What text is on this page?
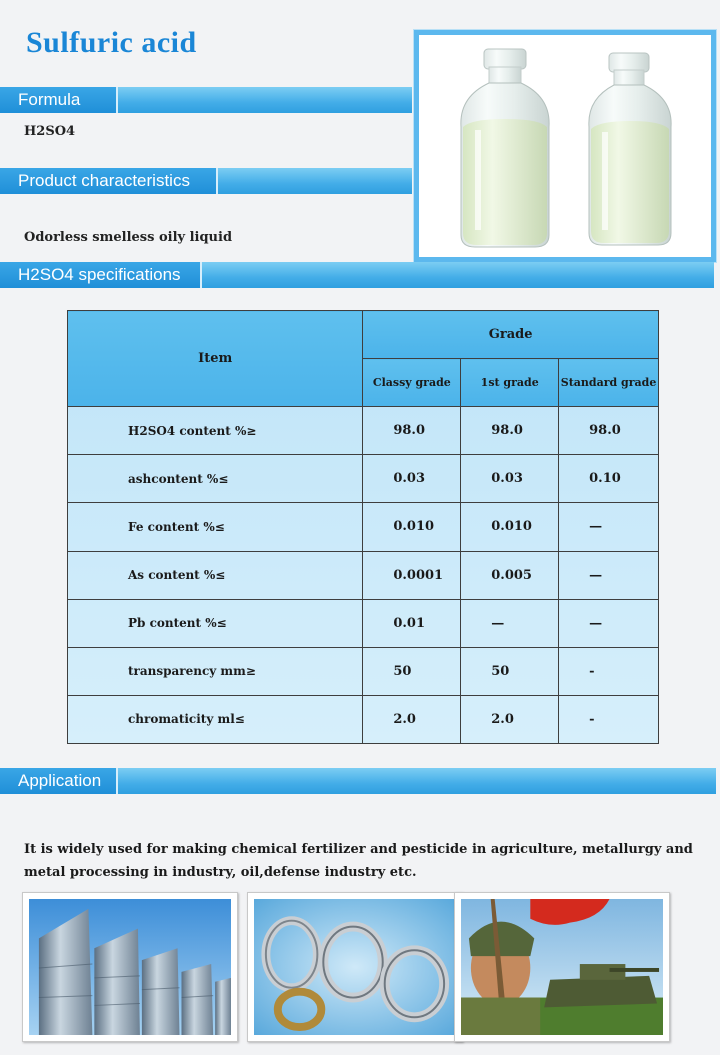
Sulfuric acid
Formula
H2SO4
Product characteristics
Odorless smelless oily liquid
H2SO4 specifications
Item	Grade		
	Classy grade	1st grade	Standard grade
H2SO4 content %≥	98.0	98.0	98.0
ashcontent %≤	0.03	0.03	0.10
Fe content %≤	0.010	0.010	—
As content %≤	0.0001	0.005	—
Pb content %≤	0.01	—	—
transparency mm≥	50	50	-
chromaticity ml≤	2.0	2.0	-
Application
It is widely used for making chemical fertilizer and pesticide in agriculture, metallurgy and metal processing in industry, oil,defense industry etc.
